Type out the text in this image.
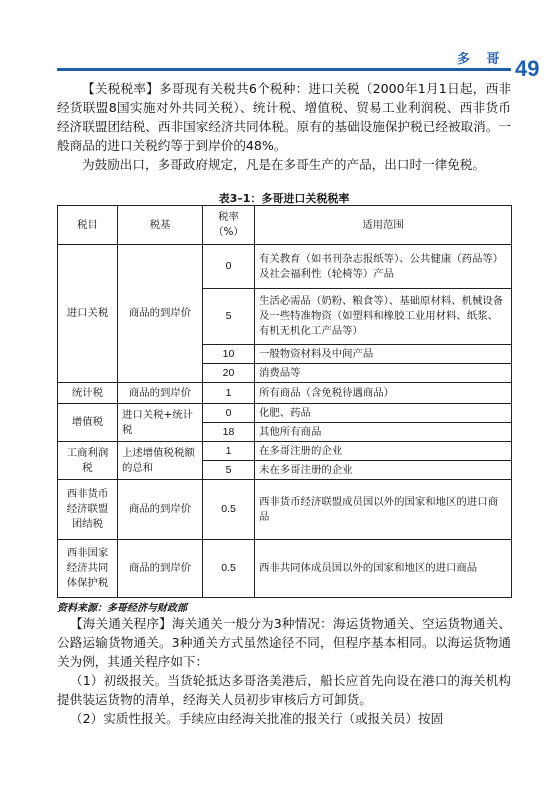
多 哥 49

【关税税率】多哥现有关税共6个税种：进口关税（2000年1月1日起，西非经货联盟8国实施对外共同关税）、统计税、增值税、贸易工业利润税、西非货币经济联盟团结税、西非国家经济共同体税。原有的基础设施保护税已经被取消。一般商品的进口关税约等于到岸价的48%。

为鼓励出口，多哥政府规定，凡是在多哥生产的产品，出口时一律免税。

表3–1：多哥进口关税税率
税目	税基	税率（%）	适用范围
进口关税	商品的到岸价	0	有关教育（如书刊杂志报纸等）、公共健康（药品等）及社会福利性（轮椅等）产品
		5	生活必需品（奶粉、粮食等）、基础原材料、机械设备及一些特准物资（如塑料和橡胶工业用材料、纸浆、有机无机化工产品等）
		10	一般物资材料及中间产品
		20	消费品等
统计税	商品的到岸价	1	所有商品（含免税待遇商品）
增值税	进口关税+统计税	0	化肥、药品
		18	其他所有商品
工商利润税	上述增值税税额的总和	1	在多哥注册的企业
		5	未在多哥注册的企业
西非货币经济联盟团结税	商品的到岸价	0.5	西非货币经济联盟成员国以外的国家和地区的进口商品
西非国家经济共同体保护税	商品的到岸价	0.5	西非共同体成员国以外的国家和地区的进口商品
资料来源：多哥经济与财政部

【海关通关程序】海关通关一般分为3种情况：海运货物通关、空运货物通关、公路运输货物通关。3种通关方式虽然途径不同，但程序基本相同。以海运货物通关为例，其通关程序如下：

（1）初级报关。当货轮抵达多哥洛美港后，船长应首先向设在港口的海关机构提供装运货物的清单，经海关人员初步审核后方可卸货。

（2）实质性报关。手续应由经海关批准的报关行（或报关员）按固
